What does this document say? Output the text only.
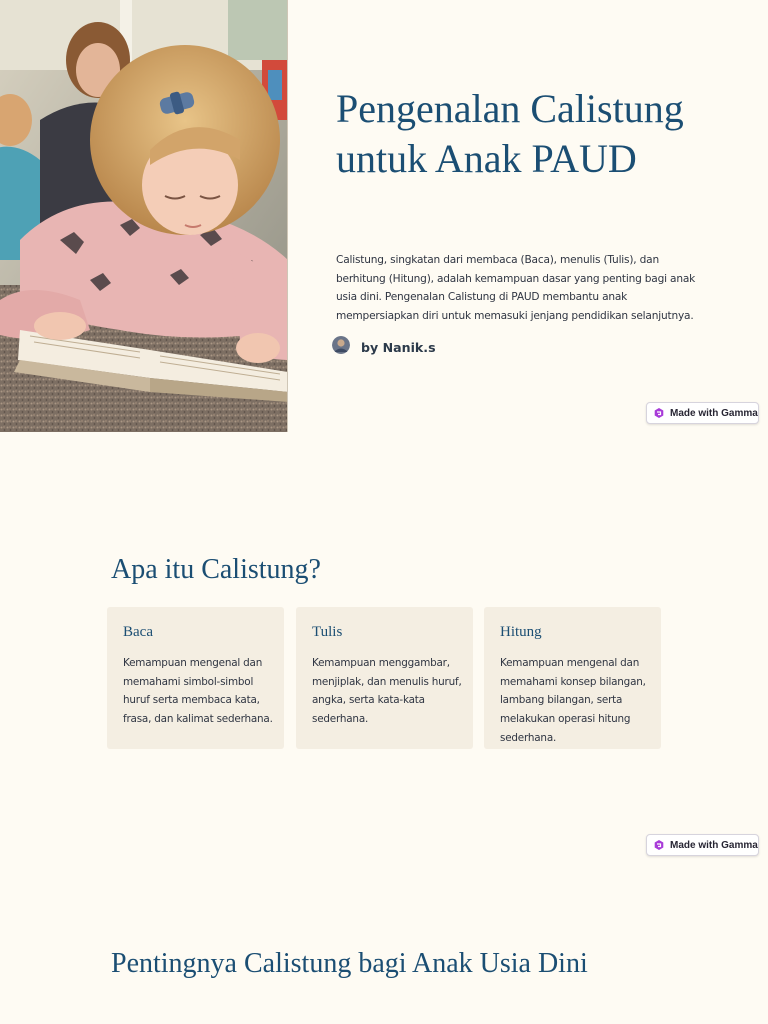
Pengenalan Calistung untuk Anak PAUD

Calistung, singkatan dari membaca (Baca), menulis (Tulis), dan berhitung (Hitung), adalah kemampuan dasar yang penting bagi anak usia dini. Pengenalan Calistung di PAUD membantu anak mempersiapkan diri untuk memasuki jenjang pendidikan selanjutnya.

by Nanik.s
Made with Gamma
Apa itu Calistung?
Baca

Kemampuan mengenal dan memahami simbol-simbol huruf serta membaca kata, frasa, dan kalimat sederhana.

Tulis

Kemampuan menggambar, menjiplak, dan menulis huruf, angka, serta kata-kata sederhana.

Hitung

Kemampuan mengenal dan memahami konsep bilangan, lambang bilangan, serta melakukan operasi hitung sederhana.

Made with Gamma
Pentingnya Calistung bagi Anak Usia Dini
